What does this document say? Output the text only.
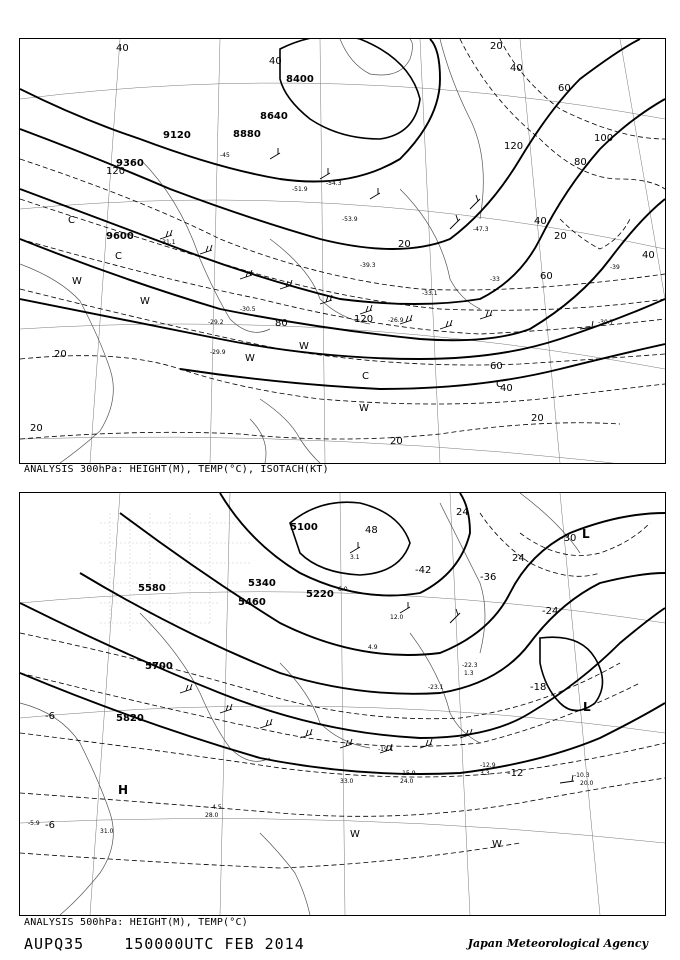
8400
8640
9120
9360
9600
8880
40
40
20
40
60
100
120
120
40
20
40
60
80
80	120
60
40
20
20
20
20
20
-45
-39
-33
-51.9
-54.3
-53.9
-31.1
-47.3
-33.1
-39.3
-30.5
-29.9
-29.2	-30.7
-26.9
C
C
W
W
W
W
C
W
C
ANALYSIS 300hPa: HEIGHT(M), TEMP(°C), ISOTACH(KT)
5100
5220
5460
5580
5700
5820
5340
24
24
-30
-36
-24
-18
-12
-6
-6
-42
48
-22.3
-23.1
-19.1
-15.9
-12.9
-10.3
-4.5
-5.9
3.1
6.0
4.9
12.0
1.3
3.3
20.0
24.0
33.0
28.0
31.0
L
L
H
W
W
ANALYSIS 500hPa: HEIGHT(M), TEMP(°C)
AUPQ35	150000UTC FEB 2014	Japan Meteorological Agency
